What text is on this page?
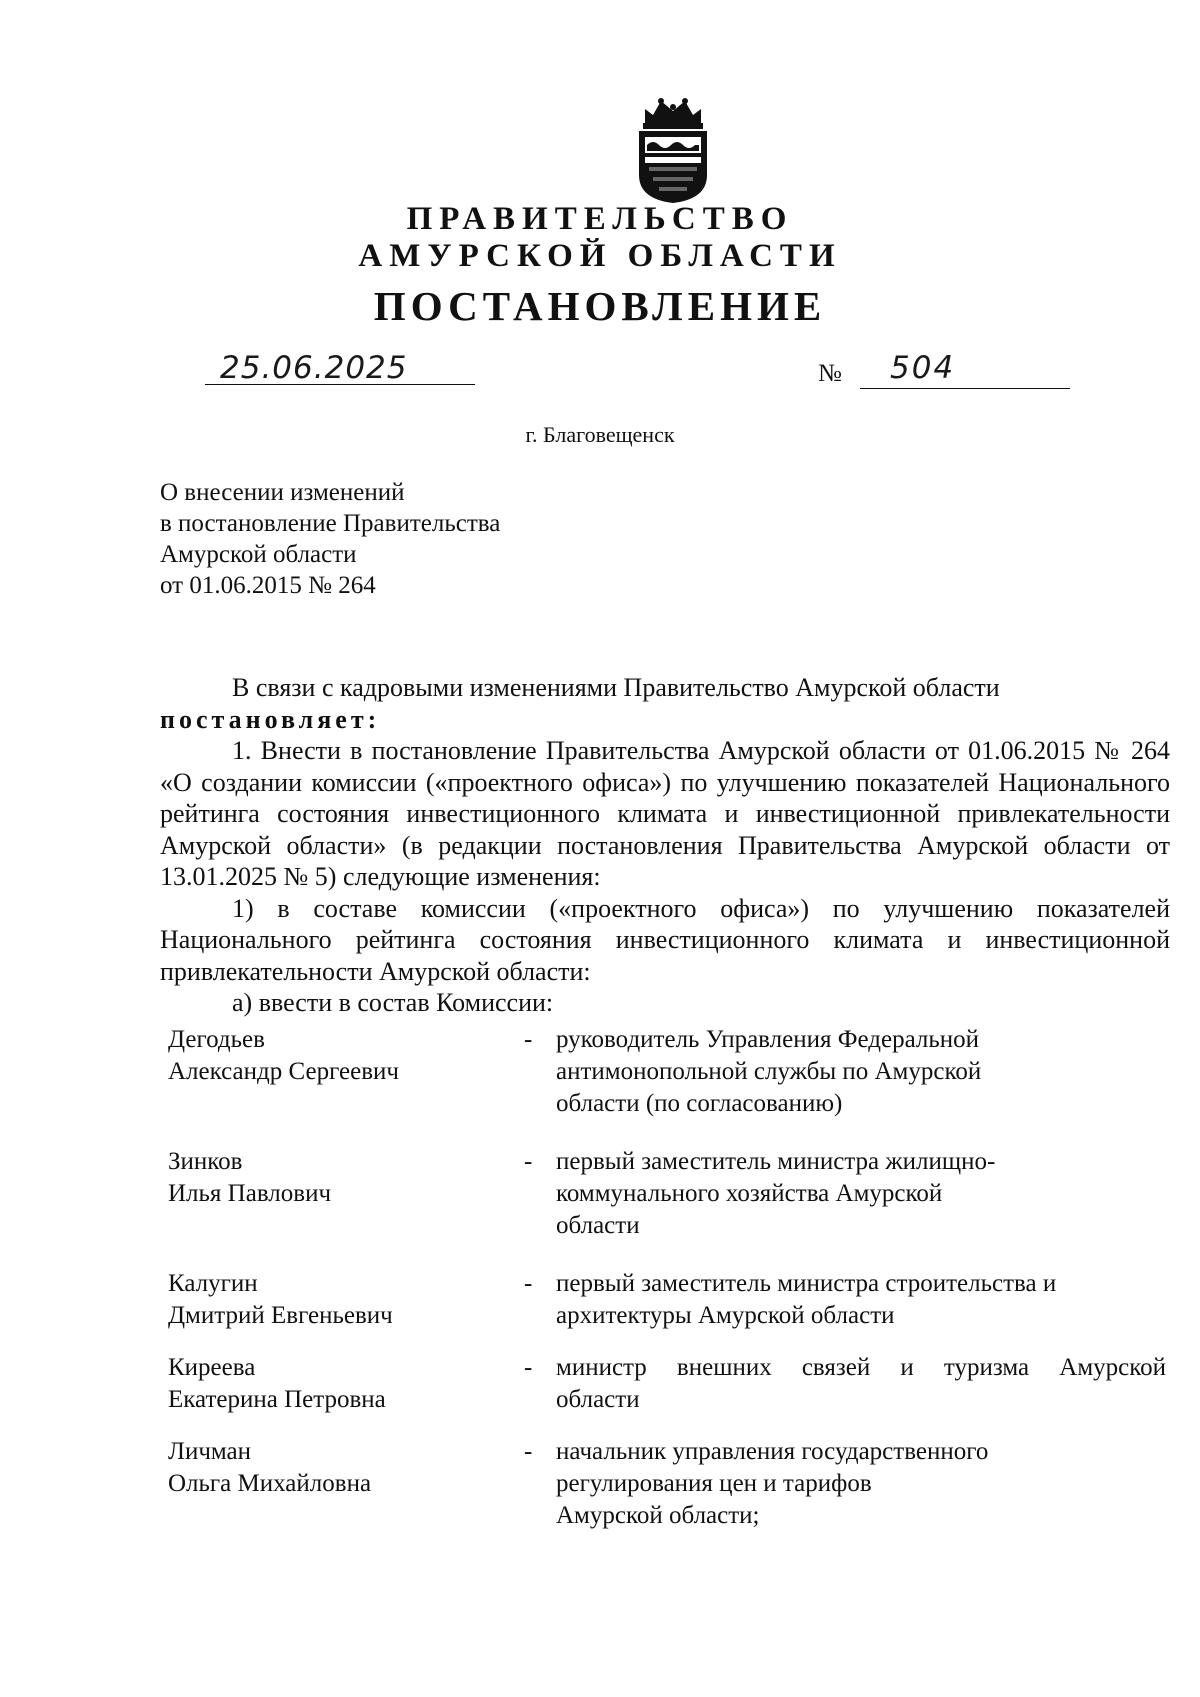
ПРАВИТЕЛЬСТВО
АМУРСКОЙ ОБЛАСТИ
ПОСТАНОВЛЕНИЕ
25.06.2025	№ 504
г. Благовещенск
О внесении изменений
в постановление Правительства
Амурской области
от 01.06.2015 № 264
В связи с кадровыми изменениями Правительство Амурской области
постановляет:
1. Внести в постановление Правительства Амурской области от 01.06.2015 № 264 «О создании комиссии («проектного офиса») по улучшению показателей Национального рейтинга состояния инвестиционного климата и инвестиционной привлекательности Амурской области» (в редакции постановления Правительства Амурской области от 13.01.2025 № 5) следующие изменения:
1) в составе комиссии («проектного офиса») по улучшению показателей Национального рейтинга состояния инвестиционного климата и инвестиционной привлекательности Амурской области:
а) ввести в состав Комиссии:
Дегодьев
Александр Сергеевич
- руководитель Управления Федеральной
антимонопольной службы по Амурской
области (по согласованию)
Зинков
Илья Павлович
- первый заместитель министра жилищно-
коммунального хозяйства Амурской
области
Калугин
Дмитрий Евгеньевич
- первый заместитель министра строительства и
архитектуры Амурской области
Киреева
Екатерина Петровна
- министр внешних связей и туризма Амурской
области
Личман
Ольга Михайловна
- начальник управления государственного
регулирования цен и тарифов
Амурской области;
